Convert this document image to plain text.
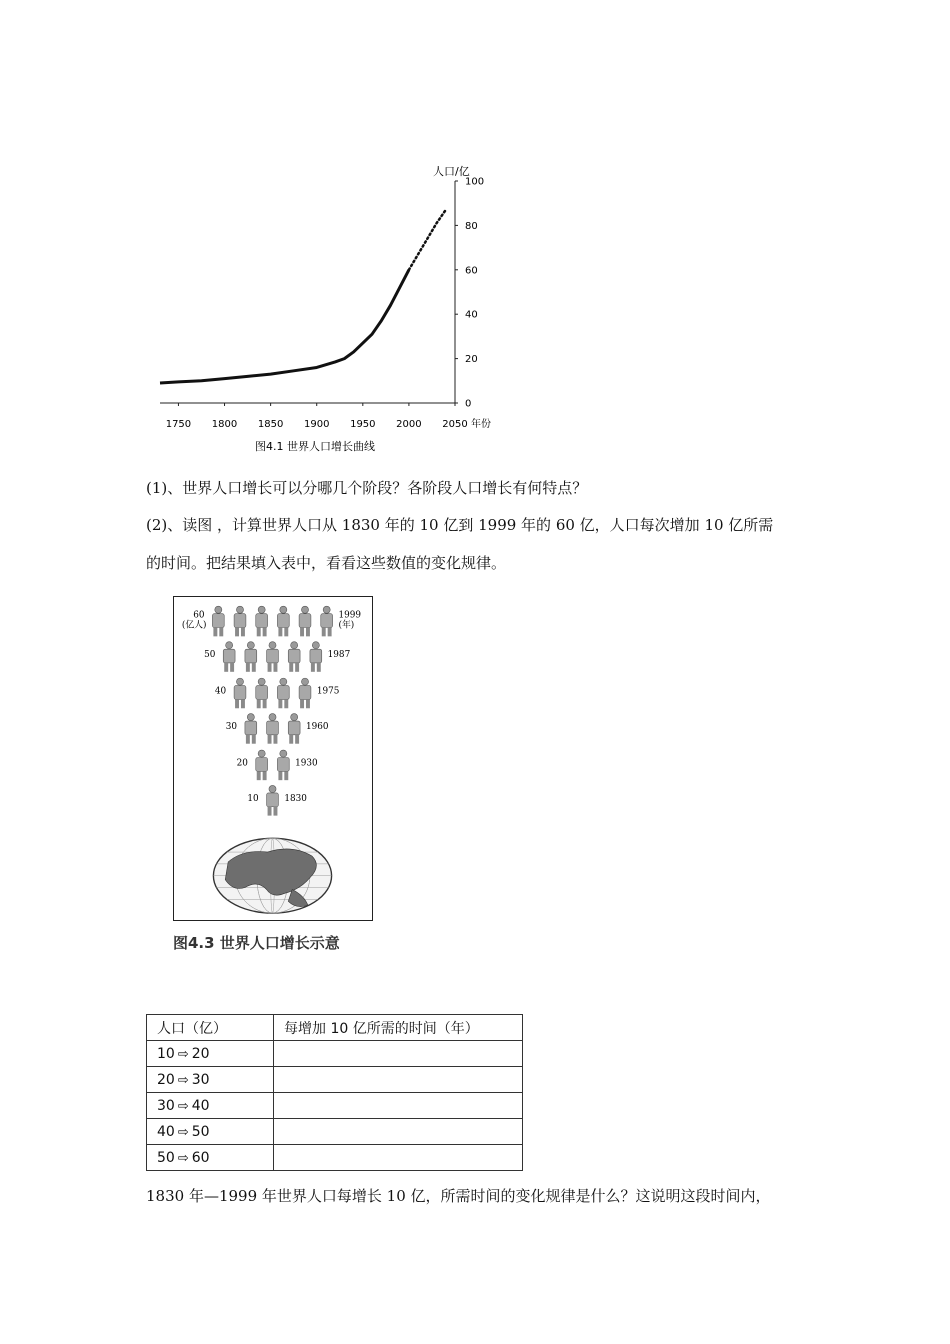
1750 1800 1850 1900 1950 2000 2050 年份
0
20
40
60
80
100
人口/亿
图4.1 世界人口增长曲线
(1)、世界人口增长可以分哪几个阶段？各阶段人口增长有何特点？
(2)、读图 ，计算世界人口从 1830 年的 10 亿到 1999 年的 60 亿，人口每次增加 10 亿所需
的时间。把结果填入表中，看看这些数值的变化规律。
60
(亿人)
1999
(年)
50	1987
40	1975
30	1960
20	1930
10	1830
图4.3 世界人口增长示意
人口（亿）	每增加 10 亿所需的时间（年）
10 ⇨ 20	
20 ⇨ 30	
30 ⇨ 40	
40 ⇨ 50	
50 ⇨ 60	
1830 年—1999 年世界人口每增长 10 亿，所需时间的变化规律是什么？这说明这段时间内，
